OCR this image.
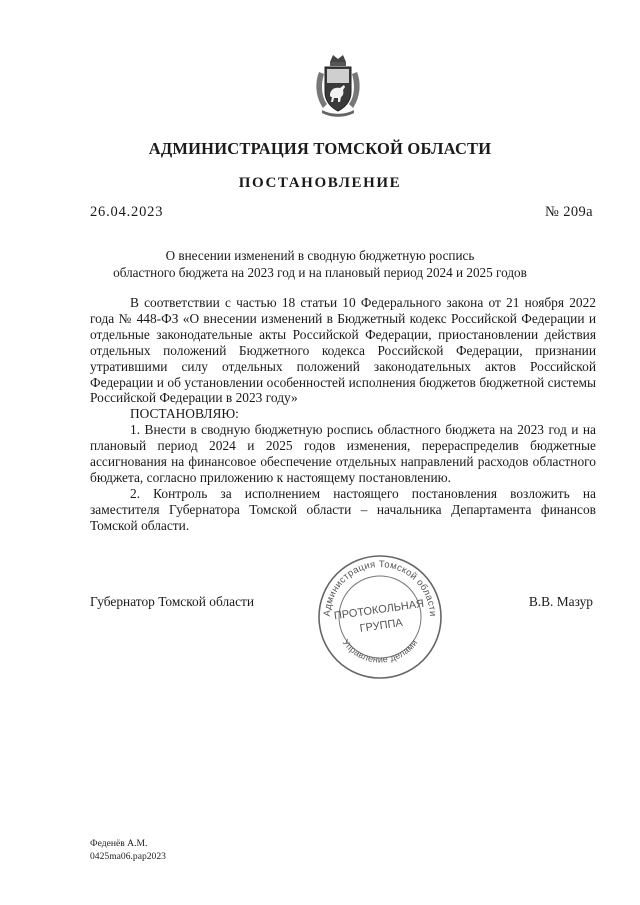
АДМИНИСТРАЦИЯ ТОМСКОЙ ОБЛАСТИ
ПОСТАНОВЛЕНИЕ
26.04.2023	№ 209а
О внесении изменений в сводную бюджетную роспись
областного бюджета на 2023 год и на плановый период 2024 и 2025 годов

В соответствии с частью 18 статьи 10 Федерального закона от 21 ноября 2022 года № 448-ФЗ «О внесении изменений в Бюджетный кодекс Российской Федерации и отдельные законодательные акты Российской Федерации, приостановлении действия отдельных положений Бюджетного кодекса Российской Федерации, признании утратившими силу отдельных положений законодательных актов Российской Федерации и об установлении особенностей исполнения бюджетов бюджетной системы Российской Федерации в 2023 году»

ПОСТАНОВЛЯЮ:

1. Внести в сводную бюджетную роспись областного бюджета на 2023 год и на плановый период 2024 и 2025 годов изменения, перераспределив бюджетные ассигнования на финансовое обеспечение отдельных направлений расходов областного бюджета, согласно приложению к настоящему постановлению.

2. Контроль за исполнением настоящего постановления возложить на заместителя Губернатора Томской области – начальника Департамента финансов Томской области.

Губернатор Томской области	В.В. Мазур
Администрация Томской области
Управление делами
ПРОТОКОЛЬНАЯ
ГРУППА
Феденёв А.М.
0425ma06.pap2023
